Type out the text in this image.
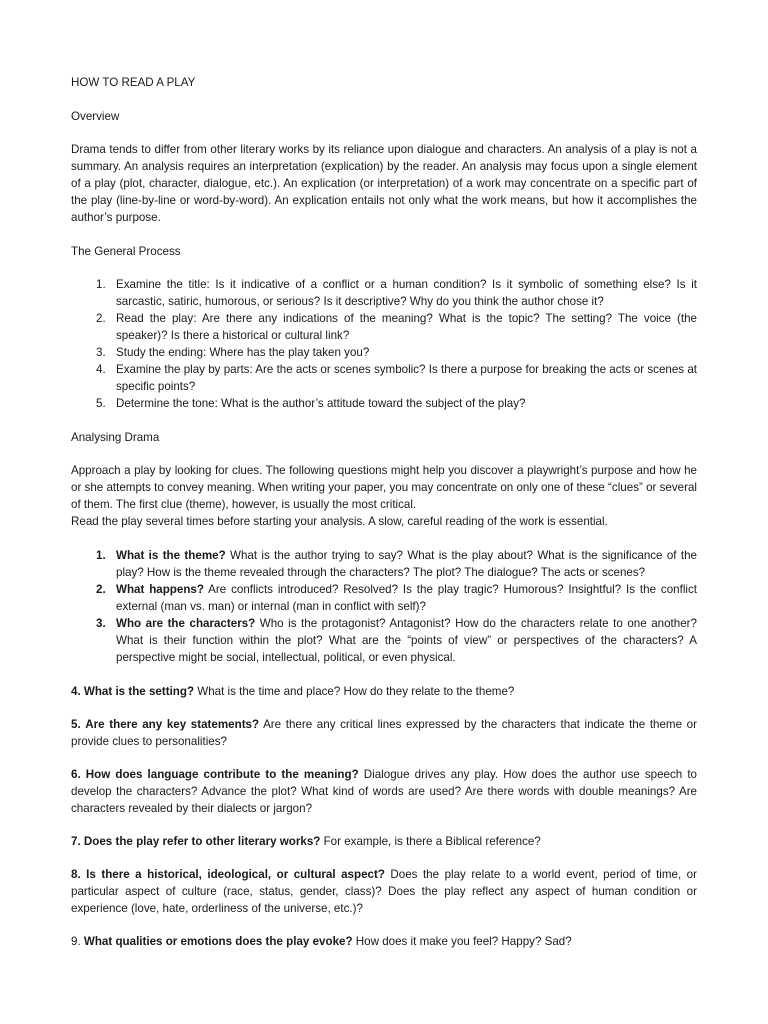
HOW TO READ A PLAY

Overview

Drama tends to differ from other literary works by its reliance upon dialogue and characters. An analysis of a play is not a summary. An analysis requires an interpretation (explication) by the reader. An analysis may focus upon a single element of a play (plot, character, dialogue, etc.). An explication (or interpretation) of a work may concentrate on a specific part of the play (line-by-line or word-by-word). An explication entails not only what the work means, but how it accomplishes the author’s purpose.

The General Process

1. Examine the title: Is it indicative of a conflict or a human condition? Is it symbolic of something else? Is it sarcastic, satiric, humorous, or serious? Is it descriptive? Why do you think the author chose it?
2. Read the play: Are there any indications of the meaning? What is the topic? The setting? The voice (the speaker)? Is there a historical or cultural link?
3. Study the ending: Where has the play taken you?
4. Examine the play by parts: Are the acts or scenes symbolic? Is there a purpose for breaking the acts or scenes at specific points?
5. Determine the tone: What is the author’s attitude toward the subject of the play?

Analysing Drama

Approach a play by looking for clues. The following questions might help you discover a playwright’s purpose and how he or she attempts to convey meaning. When writing your paper, you may concentrate on only one of these “clues” or several of them. The first clue (theme), however, is usually the most critical.

Read the play several times before starting your analysis. A slow, careful reading of the work is essential.

1. What is the theme? What is the author trying to say? What is the play about? What is the significance of the play? How is the theme revealed through the characters? The plot? The dialogue? The acts or scenes?
2. What happens? Are conflicts introduced? Resolved? Is the play tragic? Humorous? Insightful? Is the conflict external (man vs. man) or internal (man in conflict with self)?
3. Who are the characters? Who is the protagonist? Antagonist? How do the characters relate to one another? What is their function within the plot? What are the “points of view” or perspectives of the characters? A perspective might be social, intellectual, political, or even physical.

4. What is the setting? What is the time and place? How do they relate to the theme?

5. Are there any key statements? Are there any critical lines expressed by the characters that indicate the theme or provide clues to personalities?

6. How does language contribute to the meaning? Dialogue drives any play. How does the author use speech to develop the characters? Advance the plot? What kind of words are used? Are there words with double meanings? Are characters revealed by their dialects or jargon?

7. Does the play refer to other literary works? For example, is there a Biblical reference?

8. Is there a historical, ideological, or cultural aspect? Does the play relate to a world event, period of time, or particular aspect of culture (race, status, gender, class)? Does the play reflect any aspect of human condition or experience (love, hate, orderliness of the universe, etc.)?

9. What qualities or emotions does the play evoke? How does it make you feel? Happy? Sad?
